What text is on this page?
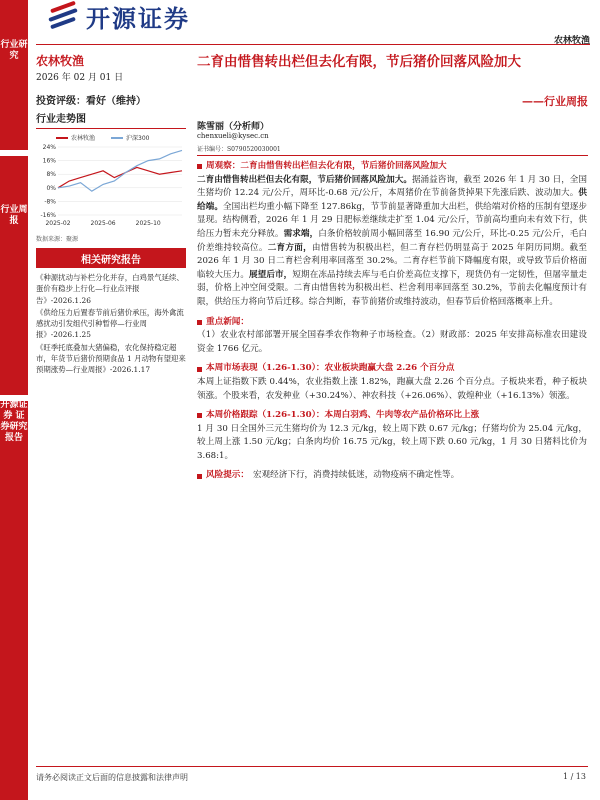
行业研究
行业周报
开源证券 证券研究报告
开源证券
农林牧渔
农林牧渔
2026 年 02 月 01 日
投资评级：看好（维持）
行业走势图
农林牧渔	沪深300
24%
16%
8%
0%
-8%
-16%
2025-02	2025-06	2025-10
数据来源：聚源
相关研究报告

《种源扰动与补栏分化并存，白鸡景气延续、蛋价有稳步上行化—行业点评报告》-2026.1.26

《供给压力后置春节前后猪价承压，海外禽流感扰动引发组代引种暂停—行业周报》-2026.1.25

《旺季托底叠加大猪偏稳，农化保持稳定超市，年货节后猪价预期食品 1 月动物有望迎来预期涨势—行业周报》-2026.1.17

二育由惜售转出栏但去化有限，节后猪价回落风险加大
——行业周报
陈雪丽（分析师）
chenxueli@kysec.cn
证书编号：S0790520030001
周观察：二育由惜售转出栏但去化有限，节后猪价回落风险加大
二育由惜售转出栏但去化有限，节后猪价回落风险加大。据涌益咨询，截至 2026 年 1 月 30 日，全国生猪均价 12.24 元/公斤，周环比-0.68 元/公斤，本周猪价在节前备货掉果下先涨后跌、波动加大。供给端。全国出栏均重小幅下降至 127.86kg，节节前显著降重加大出栏，供给端对价格的压制有望逐步显现。结构侧看，2026 年 1 月 29 日肥标差继续走扩至 1.04 元/公斤，节前高均重向未有效下行，供给压力暂未充分释放。需求端，白条价格较前周小幅回落至 16.90 元/公斤，环比-0.25 元/公斤，毛白价差维持较高位。二育方面，由惜售转为积极出栏，但二育存栏仍明显高于 2025 年阴历同期。截至 2026 年 1 月 30 日二育栏舍利用率回落至 30.2%。二育存栏节前下降幅度有限，或导致节后价格面临较大压力。展望后市，短期在冻品持续去库与毛白价差高位支撑下，现货仍有一定韧性，但屠宰量走弱，价格上冲空间受限。二育由惜售转为积极出栏、栏舍利用率回落至 30.2%，节前去化幅度预计有限，供给压力将向节后迁移。综合判断，春节前猪价或维持波动，但春节后价格回落概率上升。
重点新闻：
（1）农业农村部部署开展全国春季农作物种子市场检查。（2）财政部：2025 年安排高标准农田建设资金 1766 亿元。
本周市场表现（1.26-1.30）：农业板块跑赢大盘 2.26 个百分点
本周上证指数下跌 0.44%，农业指数上涨 1.82%，跑赢大盘 2.26 个百分点。子板块来看，种子板块领涨。个股来看，农发种业（+30.24%）、神农科技（+26.06%）、敦煌种业（+16.13%）领涨。
本周价格跟踪（1.26-1.30）：本周白羽鸡、牛肉等农产品价格环比上涨
1 月 30 日全国外三元生猪均价为 12.3 元/kg，较上周下跌 0.67 元/kg；仔猪均价为 25.04 元/kg，较上周上涨 1.50 元/kg；白条肉均价 16.75 元/kg，较上周下跌 0.60 元/kg，1 月 30 日猪料比价为 3.68:1。
风险提示： 宏观经济下行，消费持续低迷，动物疫病不确定性等。
请务必阅读正文后面的信息披露和法律声明	1 / 13
